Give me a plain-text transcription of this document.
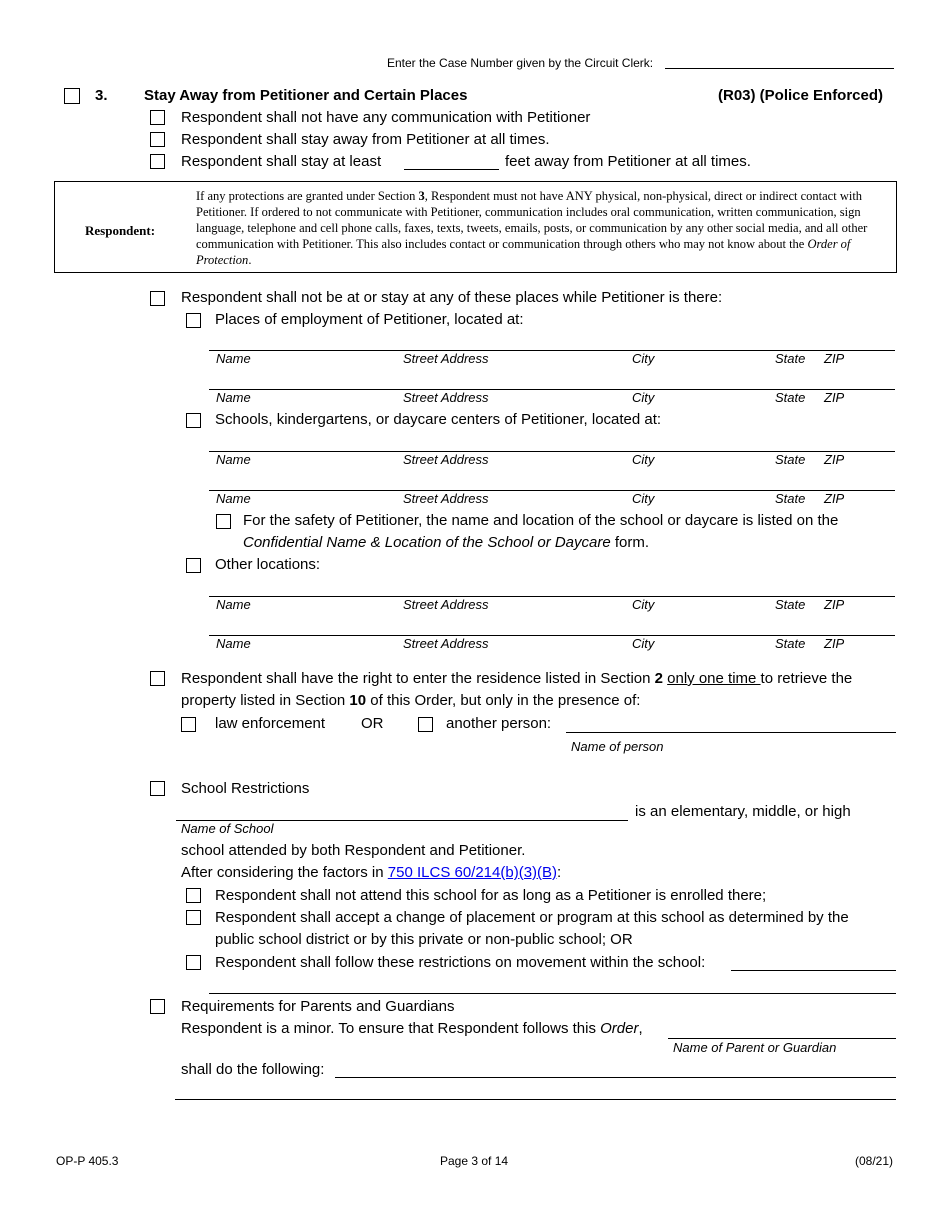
Enter the Case Number given by the Circuit Clerk:
3. Stay Away from Petitioner and Certain Places	(R03) (Police Enforced)
Respondent shall not have any communication with Petitioner
Respondent shall stay away from Petitioner at all times.
Respondent shall stay at least	feet away from Petitioner at all times.
Respondent:
If any protections are granted under Section 3, Respondent must not have ANY physical, non-physical, direct or indirect contact with Petitioner. If ordered to not communicate with Petitioner, communication includes oral communication, written communication, sign language, telephone and cell phone calls, faxes, texts, tweets, emails, posts, or communication by any other social media, and all other communication with Petitioner. This also includes contact or communication through others who may not know about the Order of Protection.
Respondent shall not be at or stay at any of these places while Petitioner is there:
Places of employment of Petitioner, located at:
Name	Street Address	City	State ZIP
Name	Street Address	City	State ZIP
Schools, kindergartens, or daycare centers of Petitioner, located at:
Name	Street Address	City	State ZIP
Name	Street Address	City	State ZIP
For the safety of Petitioner, the name and location of the school or daycare is listed on the
Confidential Name & Location of the School or Daycare form.
Other locations:
Name	Street Address	City	State ZIP
Name	Street Address	City	State ZIP
Respondent shall have the right to enter the residence listed in Section 2 only one time to retrieve the
property listed in Section 10 of this Order, but only in the presence of:
law enforcement OR	another person:
Name of person
School Restrictions
is an elementary, middle, or high
Name of School
school attended by both Respondent and Petitioner.
After considering the factors in 750 ILCS 60/214(b)(3)(B):
Respondent shall not attend this school for as long as a Petitioner is enrolled there;
Respondent shall accept a change of placement or program at this school as determined by the
public school district or by this private or non-public school; OR
Respondent shall follow these restrictions on movement within the school:
Requirements for Parents and Guardians
Respondent is a minor. To ensure that Respondent follows this Order,
Name of Parent or Guardian
shall do the following:
OP-P 405.3	Page 3 of 14	(08/21)
